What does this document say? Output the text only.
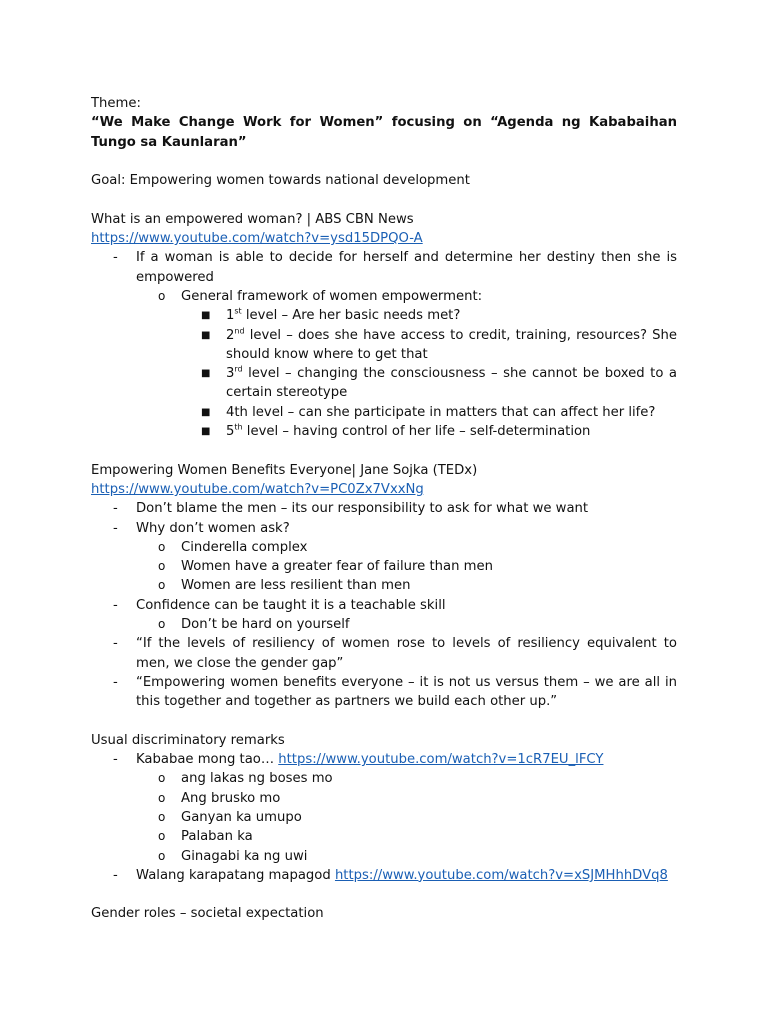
Theme:
“We Make Change Work for Women” focusing on “Agenda ng Kababaihan Tungo sa Kaunlaran”
Goal: Empowering women towards national development
What is an empowered woman? | ABS CBN News
https://www.youtube.com/watch?v=ysd15DPQO-A
- If a woman is able to decide for herself and determine her destiny then she is empowered
o General framework of women empowerment:
■ 1st level – Are her basic needs met?
■ 2nd level – does she have access to credit, training, resources? She should know where to get that
■ 3rd level – changing the consciousness – she cannot be boxed to a certain stereotype
■ 4th level – can she participate in matters that can affect her life?
■ 5th level – having control of her life – self-determination
Empowering Women Benefits Everyone| Jane Sojka (TEDx)
https://www.youtube.com/watch?v=PC0Zx7VxxNg
- Don’t blame the men – its our responsibility to ask for what we want
- Why don’t women ask?
o Cinderella complex
o Women have a greater fear of failure than men
o Women are less resilient than men
- Confidence can be taught it is a teachable skill
o Don’t be hard on yourself
- “If the levels of resiliency of women rose to levels of resiliency equivalent to men, we close the gender gap”
- “Empowering women benefits everyone – it is not us versus them – we are all in this together and together as partners we build each other up.”
Usual discriminatory remarks
- Kababae mong tao… https://www.youtube.com/watch?v=1cR7EU_lFCY
o ang lakas ng boses mo
o Ang brusko mo
o Ganyan ka umupo
o Palaban ka
o Ginagabi ka ng uwi
- Walang karapatang mapagod https://www.youtube.com/watch?v=xSJMHhhDVq8
Gender roles – societal expectation
